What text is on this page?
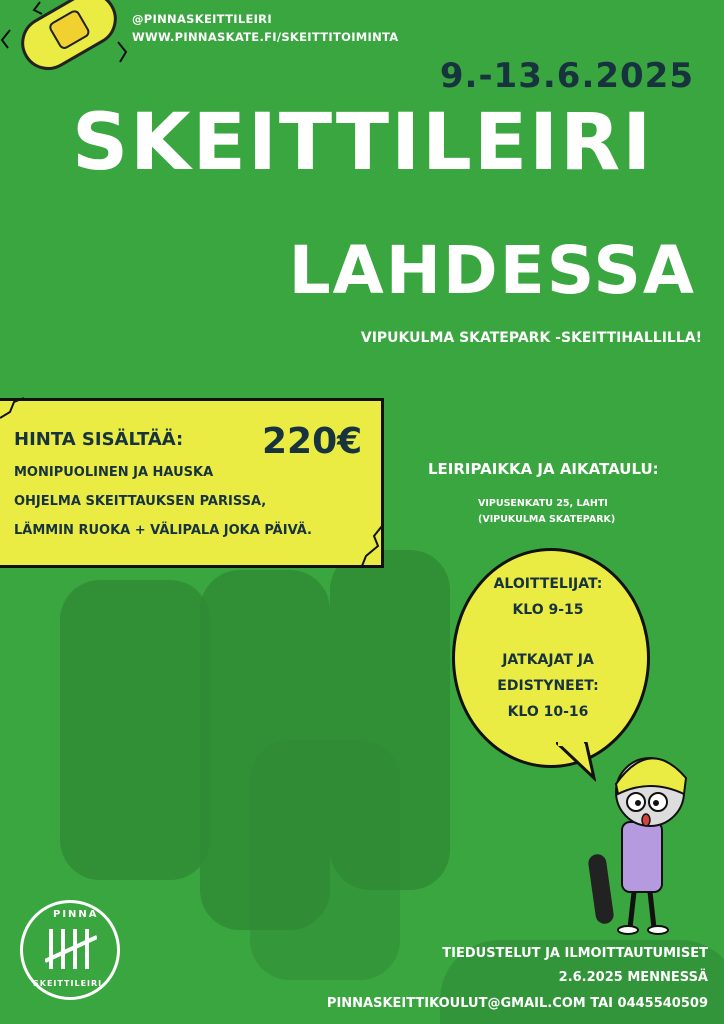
@PINNASKEITTILEIRI
WWW.PINNASKATE.FI/SKEITTITOIMINTA
9.-13.6.2025
SKEITTILEIRI
LAHDESSA
VIPUKULMA SKATEPARK -SKEITTIHALLILLA!
HINTA SISÄLTÄÄ: 220€
MONIPUOLINEN JA HAUSKA
OHJELMA SKEITTAUKSEN PARISSA,
LÄMMIN RUOKA + VÄLIPALA JOKA PÄIVÄ.
LEIRIPAIKKA JA AIKATAULU:
VIPUSENKATU 25, LAHTI
(VIPUKULMA SKATEPARK)
ALOITTELIJAT:
KLO 9-15
JATKAJAT JA
EDISTYNEET:
KLO 10-16
PINNA
SKEITTILEIRI
TIEDUSTELUT JA ILMOITTAUTUMISET
2.6.2025 MENNESSÄ
PINNASKEITTIKOULUT@GMAIL.COM TAI 0445540509
